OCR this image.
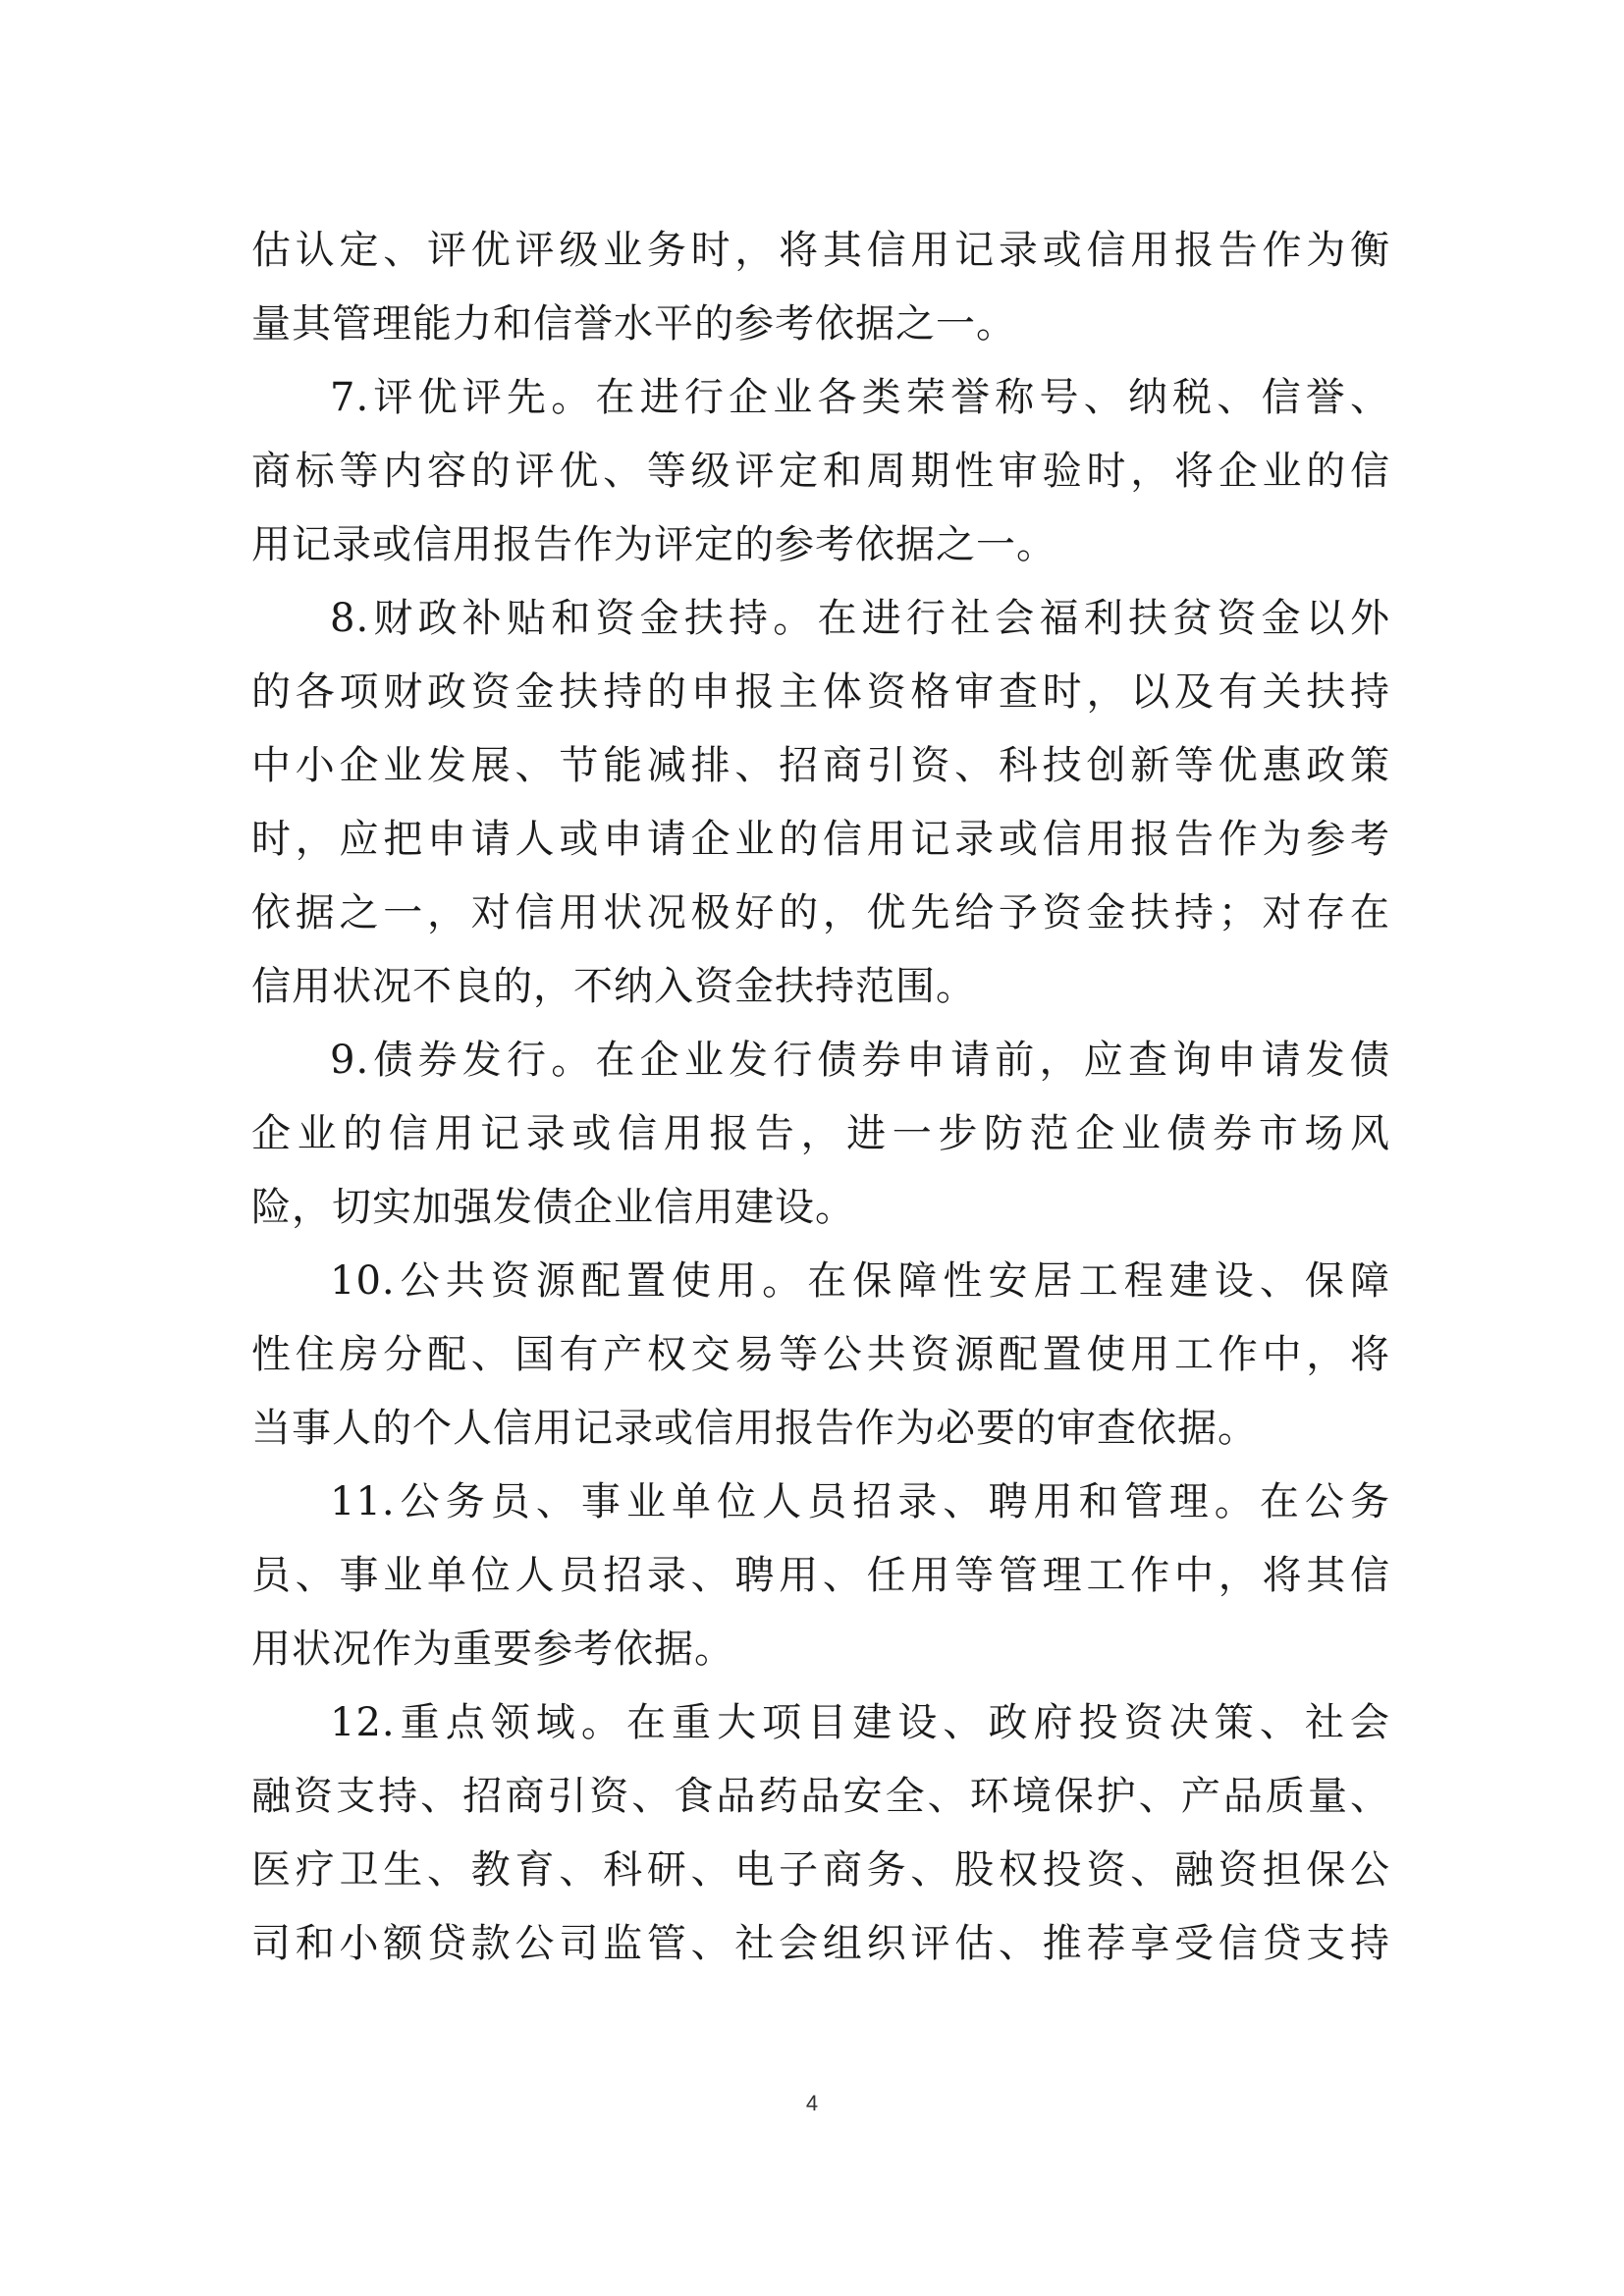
估认定、评优评级业务时，将其信用记录或信用报告作为衡
量其管理能力和信誉水平的参考依据之一。
7.评优评先。在进行企业各类荣誉称号、纳税、信誉、
商标等内容的评优、等级评定和周期性审验时，将企业的信
用记录或信用报告作为评定的参考依据之一。
8.财政补贴和资金扶持。在进行社会福利扶贫资金以外
的各项财政资金扶持的申报主体资格审查时，以及有关扶持
中小企业发展、节能减排、招商引资、科技创新等优惠政策
时，应把申请人或申请企业的信用记录或信用报告作为参考
依据之一，对信用状况极好的，优先给予资金扶持；对存在
信用状况不良的，不纳入资金扶持范围。
9.债券发行。在企业发行债券申请前，应查询申请发债
企业的信用记录或信用报告，进一步防范企业债券市场风
险，切实加强发债企业信用建设。
10.公共资源配置使用。在保障性安居工程建设、保障
性住房分配、国有产权交易等公共资源配置使用工作中，将
当事人的个人信用记录或信用报告作为必要的审查依据。
11.公务员、事业单位人员招录、聘用和管理。在公务
员、事业单位人员招录、聘用、任用等管理工作中，将其信
用状况作为重要参考依据。
12.重点领域。在重大项目建设、政府投资决策、社会
融资支持、招商引资、食品药品安全、环境保护、产品质量、
医疗卫生、教育、科研、电子商务、股权投资、融资担保公
司和小额贷款公司监管、社会组织评估、推荐享受信贷支持
4
